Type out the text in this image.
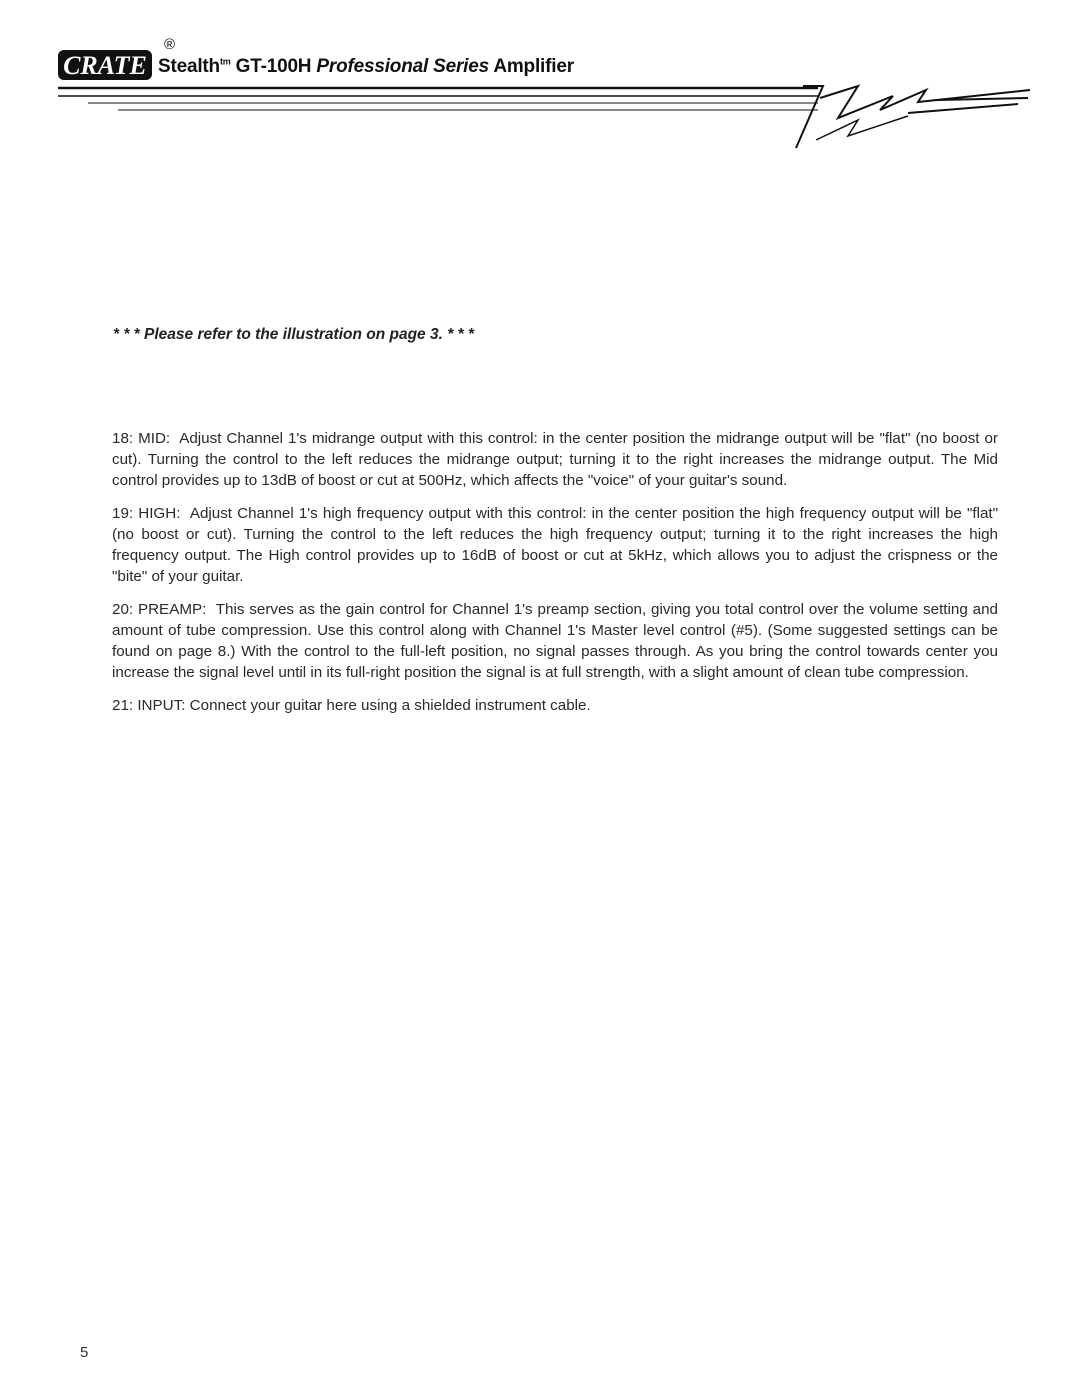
CRATE
®
Stealth$^{tm}$ GT-100H Professional Series Amplifier
* * * Please refer to the illustration on page 3. * * *

18: MID: Adjust Channel 1's midrange output with this control: in the center position the midrange output will be "flat" (no boost or cut). Turning the control to the left reduces the midrange output; turning it to the right increases the midrange output. The Mid control provides up to 13dB of boost or cut at 500Hz, which affects the "voice" of your guitar's sound.

19: HIGH: Adjust Channel 1's high frequency output with this control: in the center position the high frequency output will be "flat" (no boost or cut). Turning the control to the left reduces the high frequency output; turning it to the right increases the high frequency output. The High control provides up to 16dB of boost or cut at 5kHz, which allows you to adjust the crispness or the "bite" of your guitar.

20: PREAMP: This serves as the gain control for Channel 1's preamp section, giving you total control over the volume setting and amount of tube compression. Use this control along with Channel 1's Master level control (#5). (Some suggested settings can be found on page 8.) With the control to the full-left position, no signal passes through. As you bring the control towards center you increase the signal level until in its full-right position the signal is at full strength, with a slight amount of clean tube compression.

21: INPUT: Connect your guitar here using a shielded instrument cable.

5
